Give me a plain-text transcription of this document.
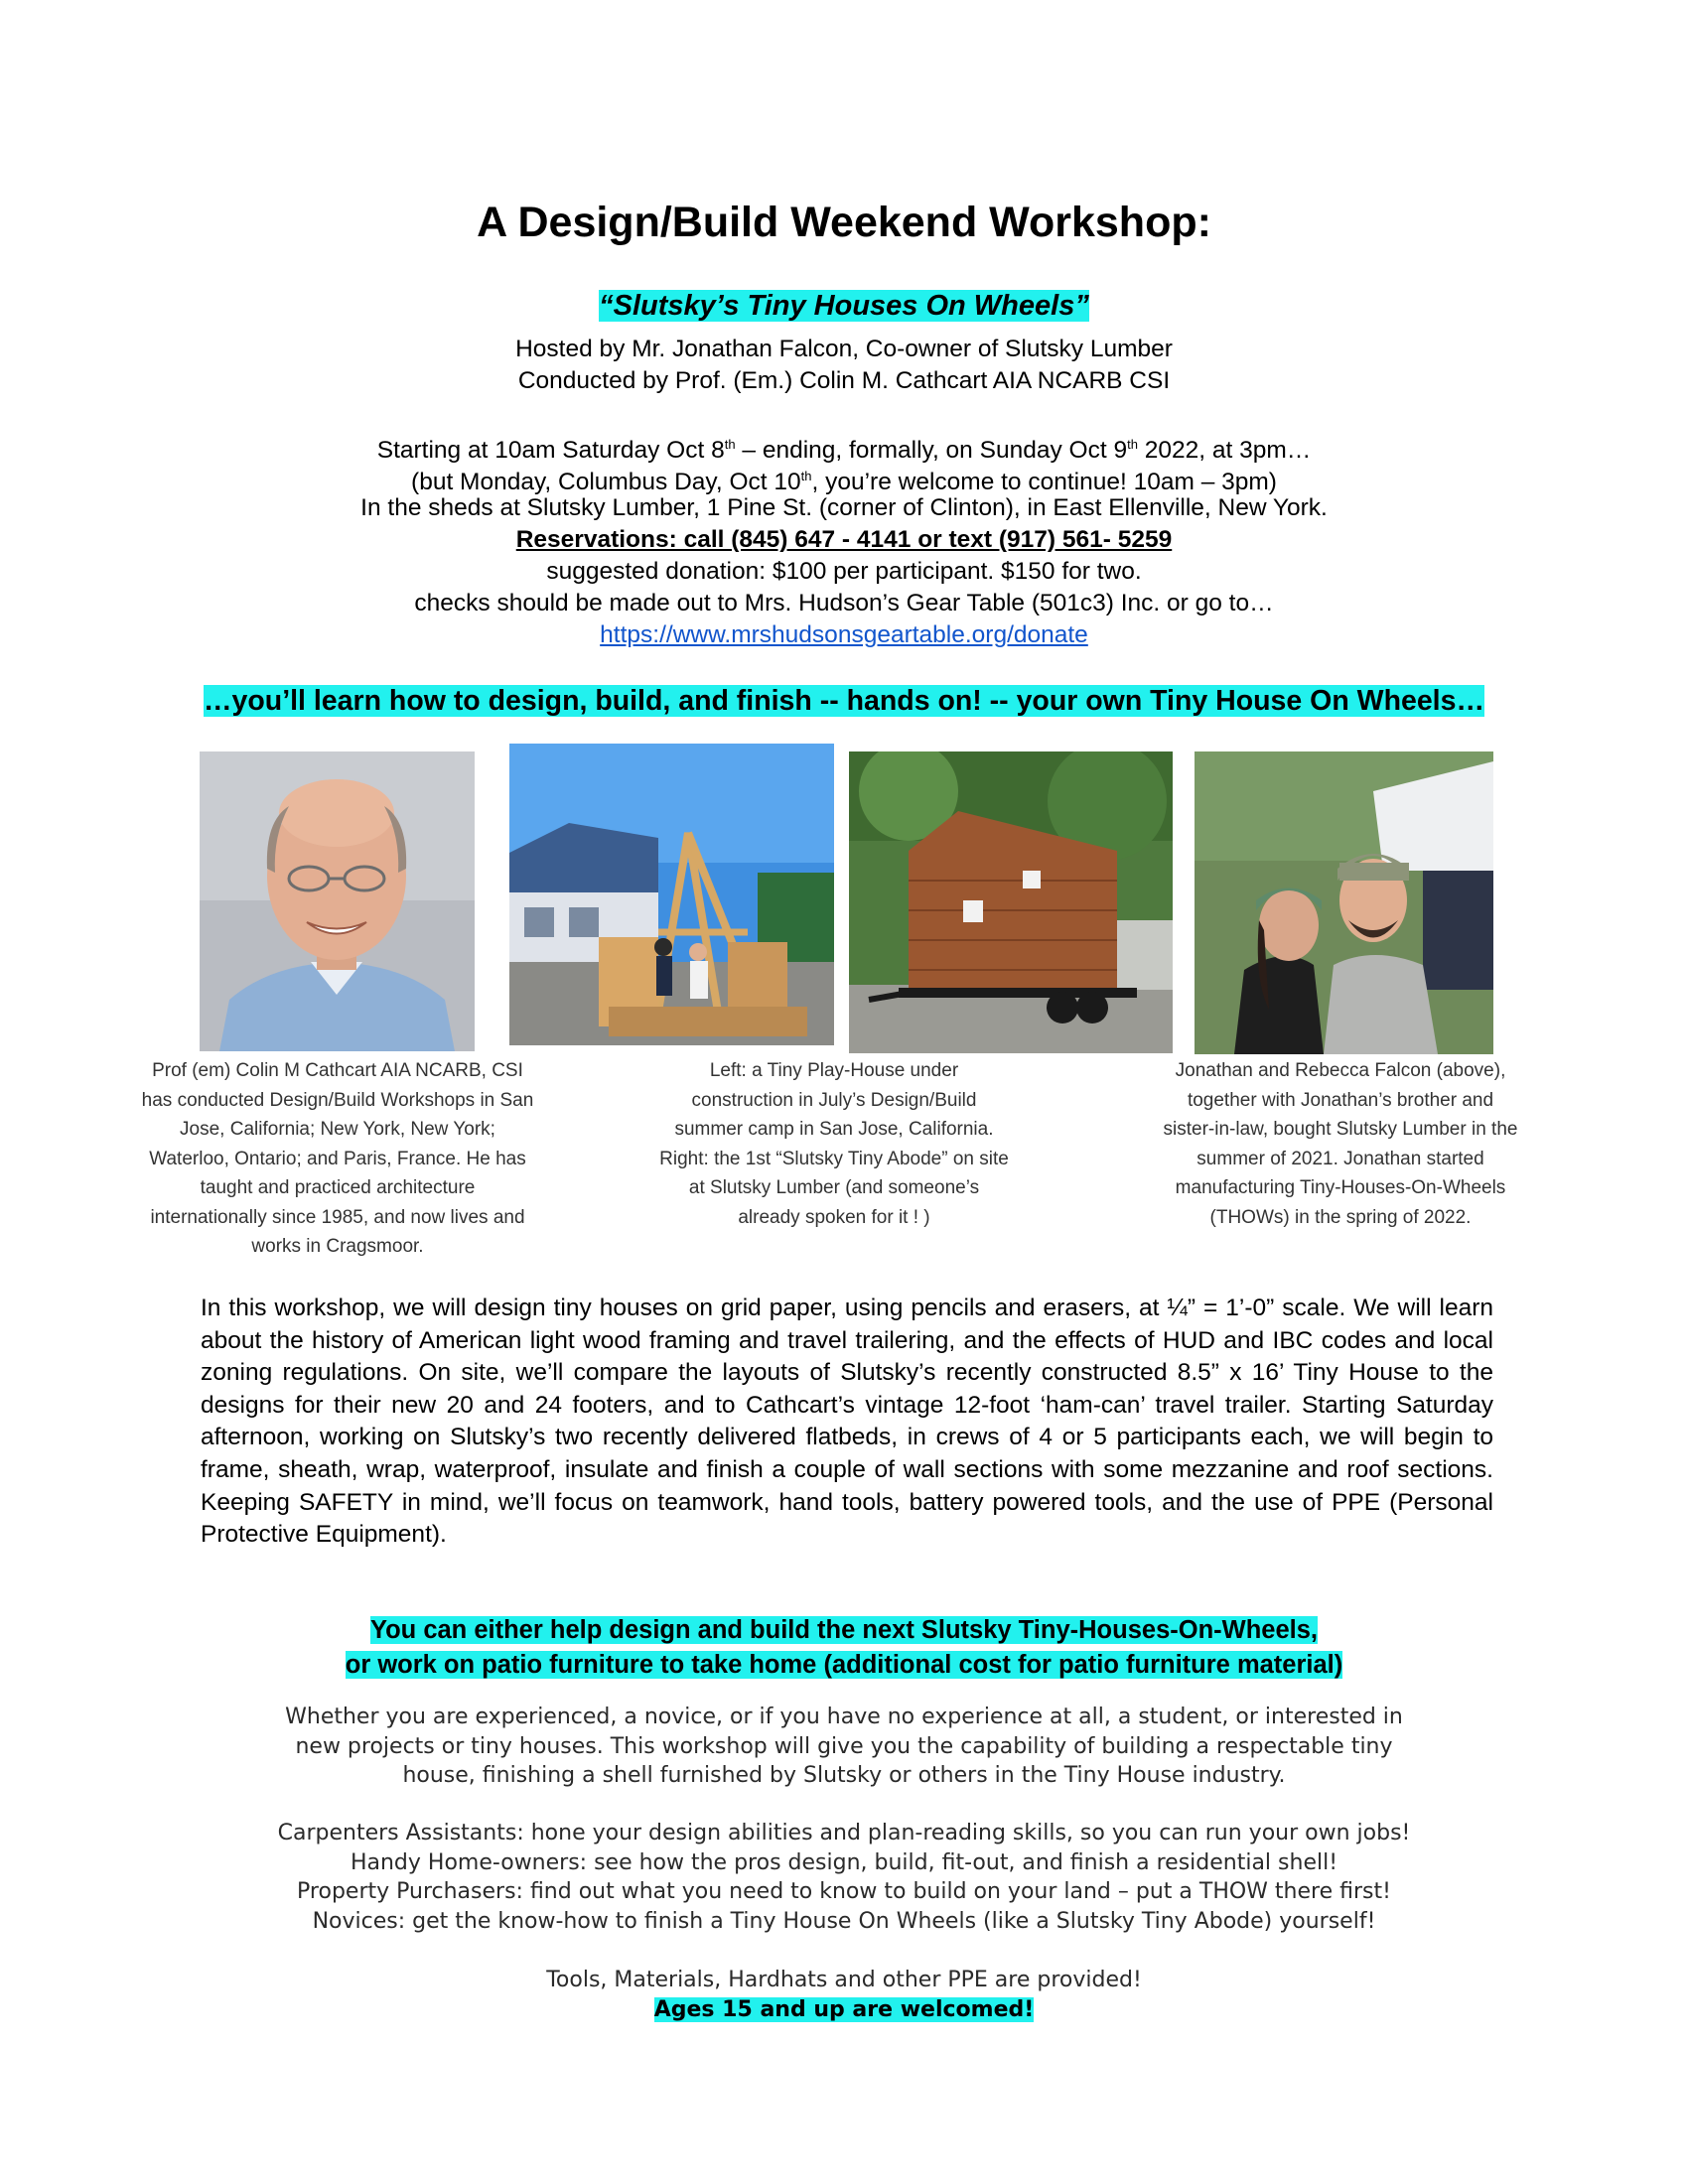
A Design/Build Weekend Workshop:
“Slutsky’s Tiny Houses On Wheels”
Hosted by Mr. Jonathan Falcon, Co-owner of Slutsky Lumber
Conducted by Prof. (Em.) Colin M. Cathcart AIA NCARB CSI
Starting at 10am Saturday Oct 8th – ending, formally, on Sunday Oct 9th 2022, at 3pm…
(but Monday, Columbus Day, Oct 10th, you’re welcome to continue! 10am – 3pm)
In the sheds at Slutsky Lumber, 1 Pine St. (corner of Clinton), in East Ellenville, New York.
Reservations: call (845) 647 - 4141 or text (917) 561- 5259
suggested donation: $100 per participant. $150 for two.
checks should be made out to Mrs. Hudson’s Gear Table (501c3) Inc. or go to…
https://www.mrshudsonsgeartable.org/donate
…you’ll learn how to design, build, and finish -- hands on! -- your own Tiny House On Wheels…
Prof (em) Colin M Cathcart AIA NCARB, CSI
has conducted Design/Build Workshops in San
Jose, California; New York, New York;
Waterloo, Ontario; and Paris, France. He has
taught and practiced architecture
internationally since 1985, and now lives and
works in Cragsmoor.
Left: a Tiny Play-House under
construction in July’s Design/Build
summer camp in San Jose, California.
Right: the 1st “Slutsky Tiny Abode” on site
at Slutsky Lumber (and someone’s
already spoken for it ! )
Jonathan and Rebecca Falcon (above),
together with Jonathan’s brother and
sister-in-law, bought Slutsky Lumber in the
summer of 2021. Jonathan started
manufacturing Tiny-Houses-On-Wheels
(THOWs) in the spring of 2022.
In this workshop, we will design tiny houses on grid paper, using pencils and erasers, at ¼” = 1’-0” scale. We will learn about the history of American light wood framing and travel trailering, and the effects of HUD and IBC codes and local zoning regulations. On site, we’ll compare the layouts of Slutsky’s recently constructed 8.5” x 16’ Tiny House to the designs for their new 20 and 24 footers, and to Cathcart’s vintage 12-foot ‘ham-can’ travel trailer. Starting Saturday afternoon, working on Slutsky’s two recently delivered flatbeds, in crews of 4 or 5 participants each, we will begin to frame, sheath, wrap, waterproof, insulate and finish a couple of wall sections with some mezzanine and roof sections. Keeping SAFETY in mind, we’ll focus on teamwork, hand tools, battery powered tools, and the use of PPE (Personal Protective Equipment).
You can either help design and build the next Slutsky Tiny-Houses-On-Wheels,
or work on patio furniture to take home (additional cost for patio furniture material)
Whether you are experienced, a novice, or if you have no experience at all, a student, or interested in
new projects or tiny houses. This workshop will give you the capability of building a respectable tiny
house, finishing a shell furnished by Slutsky or others in the Tiny House industry.
Carpenters Assistants: hone your design abilities and plan-reading skills, so you can run your own jobs!
Handy Home-owners: see how the pros design, build, fit-out, and finish a residential shell!
Property Purchasers: find out what you need to know to build on your land – put a THOW there first!
Novices: get the know-how to finish a Tiny House On Wheels (like a Slutsky Tiny Abode) yourself!
Tools, Materials, Hardhats and other PPE are provided!
Ages 15 and up are welcomed!
